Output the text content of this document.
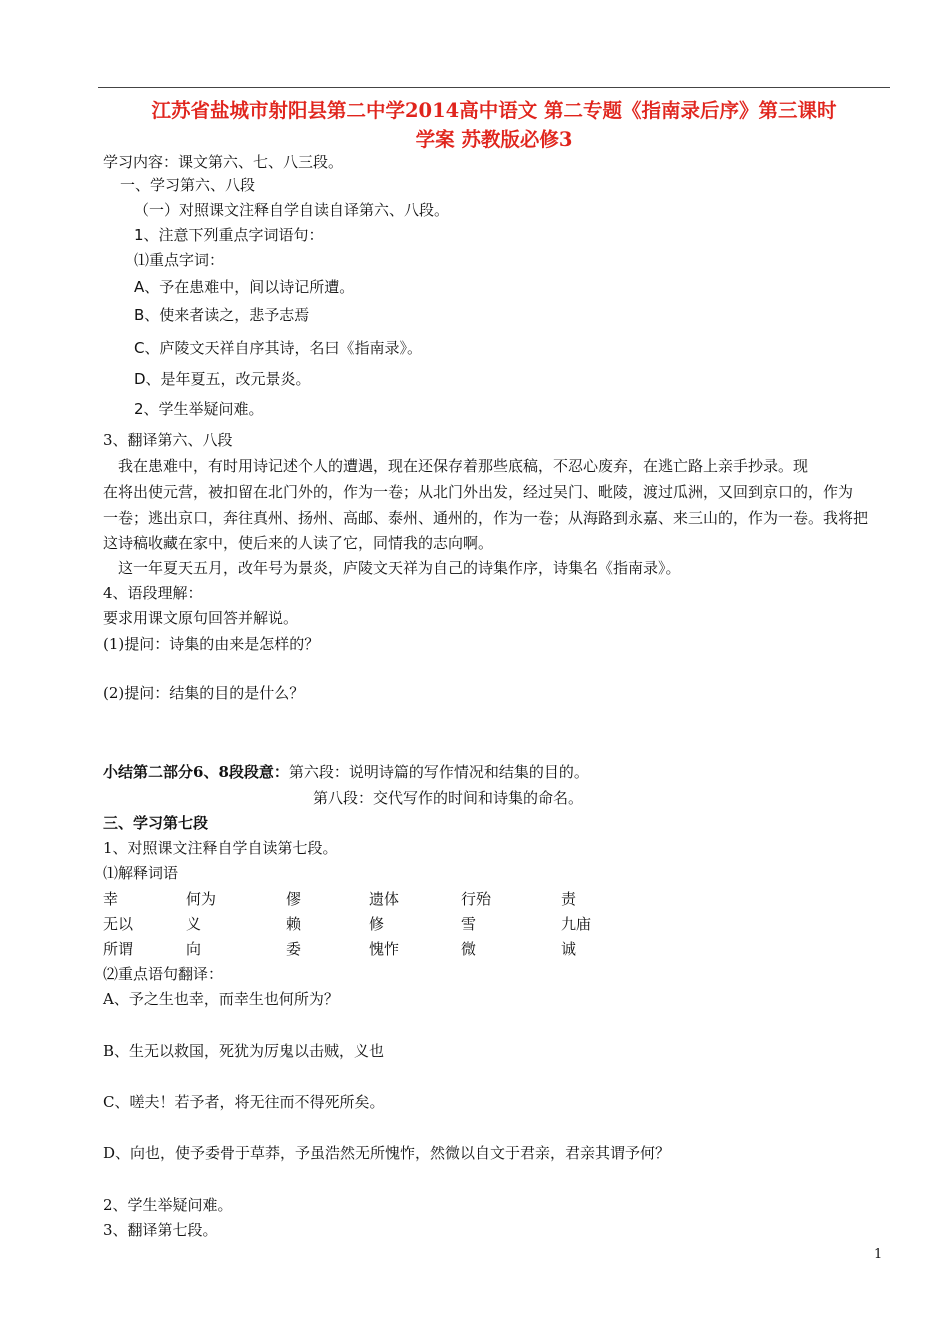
江苏省盐城市射阳县第二中学2014高中语文 第二专题《指南录后序》第三课时
学案 苏教版必修3
学习内容：课文第六、七、八三段。
一、学习第六、八段
（一）对照课文注释自学自读自译第六、八段。
1、注意下列重点字词语句：
⑴重点字词：
A、予在患难中，间以诗记所遭。
B、使来者读之，悲予志焉
C、庐陵文天祥自序其诗，名曰《指南录》。
D、是年夏五，改元景炎。
2、学生举疑问难。
3、翻译第六、八段
我在患难中，有时用诗记述个人的遭遇，现在还保存着那些底稿，不忍心废弃，在逃亡路上亲手抄录。现
在将出使元营，被扣留在北门外的，作为一卷；从北门外出发，经过吴门、毗陵，渡过瓜洲，又回到京口的，作为
一卷；逃出京口，奔往真州、扬州、高邮、泰州、通州的，作为一卷；从海路到永嘉、来三山的，作为一卷。我将把
这诗稿收藏在家中，使后来的人读了它，同情我的志向啊。
这一年夏天五月，改年号为景炎，庐陵文天祥为自己的诗集作序，诗集名《指南录》。
4、语段理解：
要求用课文原句回答并解说。
(1)提问：诗集的由来是怎样的？
(2)提问：结集的目的是什么？
小结第二部分6、8段段意：第六段：说明诗篇的写作情况和结集的目的。
第八段：交代写作的时间和诗集的命名。
三、学习第七段
1、对照课文注释自学自读第七段。
⑴解释词语
幸	何为	僇	遗体	行殆	责
无以	义	赖	修	雪	九庙
所谓	向	委	愧怍	微	诚
⑵重点语句翻译：
A、予之生也幸，而幸生也何所为？
B、生无以救国，死犹为厉鬼以击贼，义也
C、嗟夫！若予者，将无往而不得死所矣。
D、向也，使予委骨于草莽，予虽浩然无所愧怍，然微以自文于君亲，君亲其谓予何？
2、学生举疑问难。
3、翻译第七段。
1
